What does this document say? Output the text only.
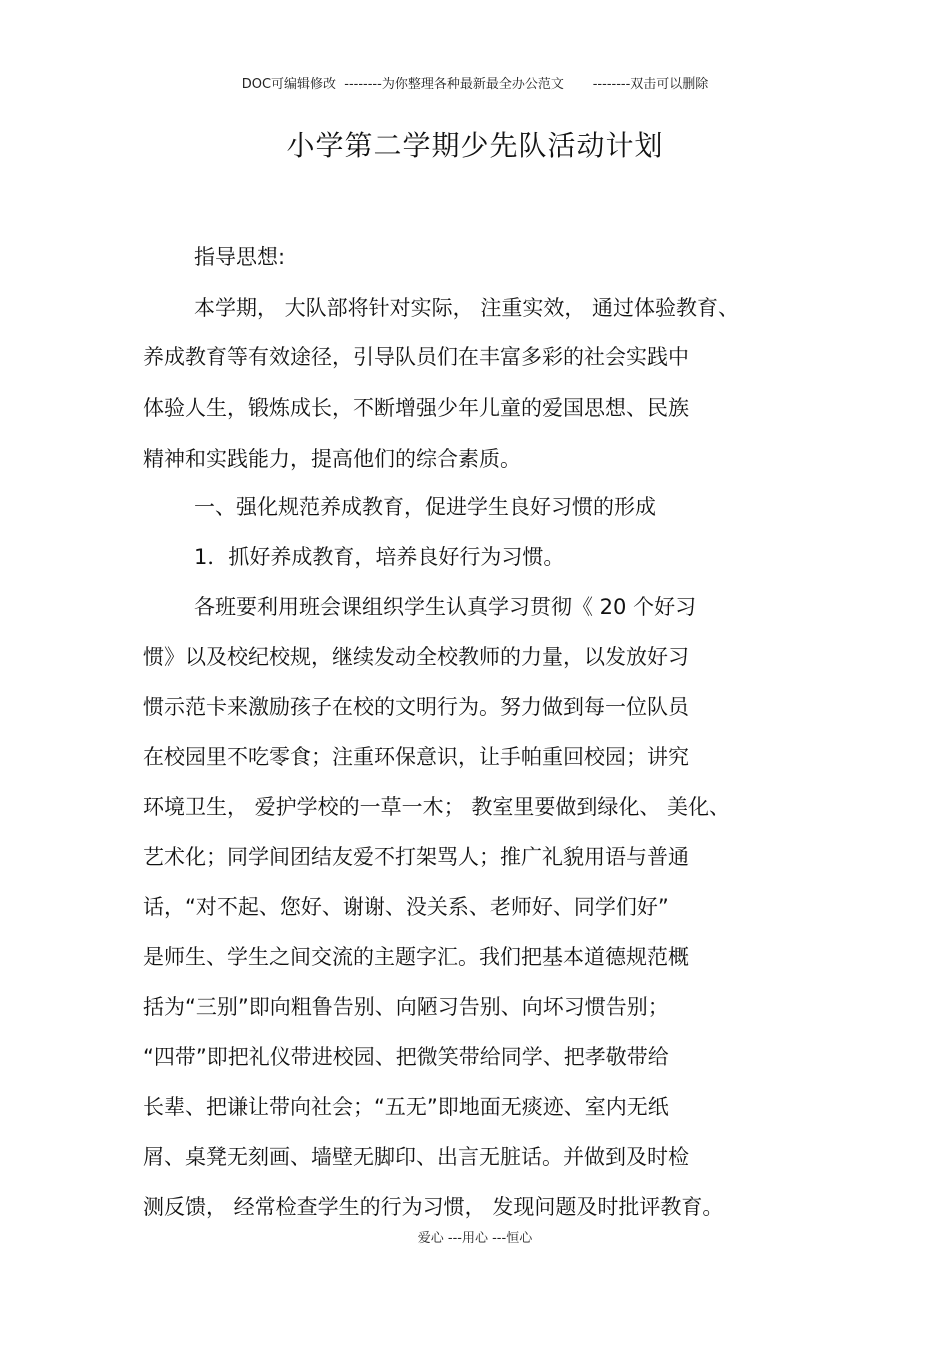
DOC可编辑修改  --------为你整理各种最新最全办公范文       --------双击可以删除
小学第二学期少先队活动计划
指导思想:
本学期， 大队部将针对实际， 注重实效， 通过体验教育、
养成教育等有效途径，引导队员们在丰富多彩的社会实践中
体验人生，锻炼成长，不断增强少年儿童的爱国思想、民族
精神和实践能力，提高他们的综合素质。
一、强化规范养成教育，促进学生良好习惯的形成
1．抓好养成教育，培养良好行为习惯。
各班要利用班会课组织学生认真学习贯彻《 20 个好习
惯》以及校纪校规，继续发动全校教师的力量，以发放好习
惯示范卡来激励孩子在校的文明行为。努力做到每一位队员
在校园里不吃零食；注重环保意识，让手帕重回校园；讲究
环境卫生， 爱护学校的一草一木； 教室里要做到绿化、 美化、
艺术化；同学间团结友爱不打架骂人；推广礼貌用语与普通
话，“对不起、您好、谢谢、没关系、老师好、同学们好”
是师生、学生之间交流的主题字汇。我们把基本道德规范概
括为“三别”即向粗鲁告别、向陋习告别、向坏习惯告别；
“四带”即把礼仪带进校园、把微笑带给同学、把孝敬带给
长辈、把谦让带向社会；“五无”即地面无痰迹、室内无纸
屑、桌凳无刻画、墙壁无脚印、出言无脏话。并做到及时检
测反馈， 经常检查学生的行为习惯， 发现问题及时批评教育。
爱心 ---用心 ---恒心
